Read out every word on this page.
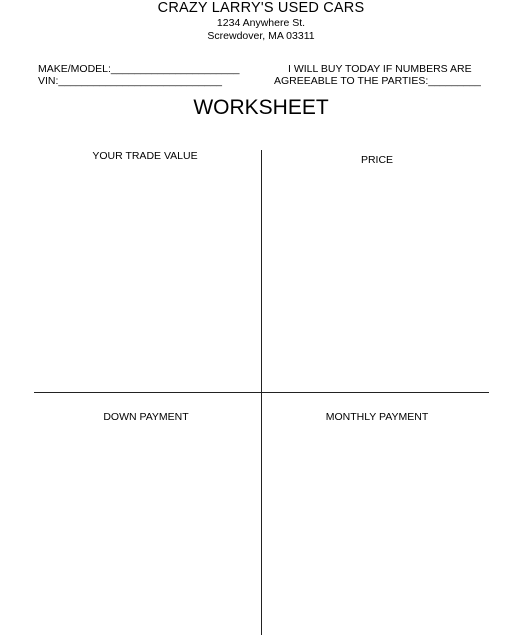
CRAZY LARRY'S USED CARS
1234 Anywhere St.
Screwdover, MA 03311
MAKE/MODEL:______________________
VIN:____________________________
I WILL BUY TODAY IF NUMBERS ARE
AGREEABLE TO THE PARTIES:_________
WORKSHEET
YOUR TRADE VALUE	PRICE
DOWN PAYMENT	MONTHLY PAYMENT
